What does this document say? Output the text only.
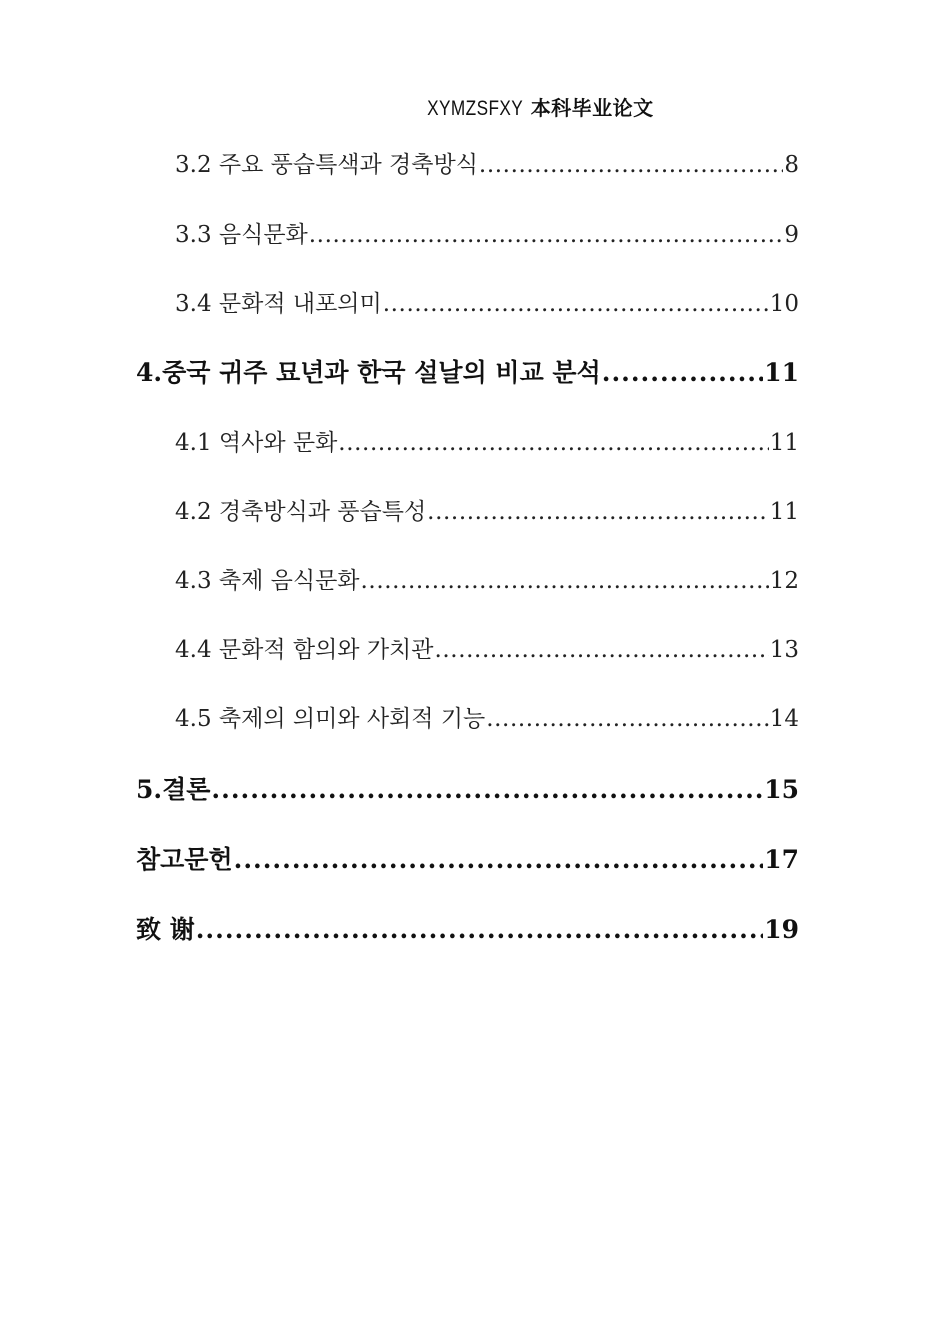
XYMZSFXY 本科毕业论文
3.2 주요 풍습특색과 경축방식 .....	8
3.3 음식문화 .....	9
3.4 문화적 내포의미 .....	10
4.중국 귀주 묘년과 한국 설날의 비교 분석 .....	11
4.1 역사와 문화 .....	11
4.2 경축방식과 풍습특성 .....	11
4.3 축제 음식문화 .....	12
4.4 문화적 함의와 가치관 .....	13
4.5 축제의 의미와 사회적 기능 .....	14
5.결론 .....	15
참고문헌 .....	17
致 谢 .....	19
